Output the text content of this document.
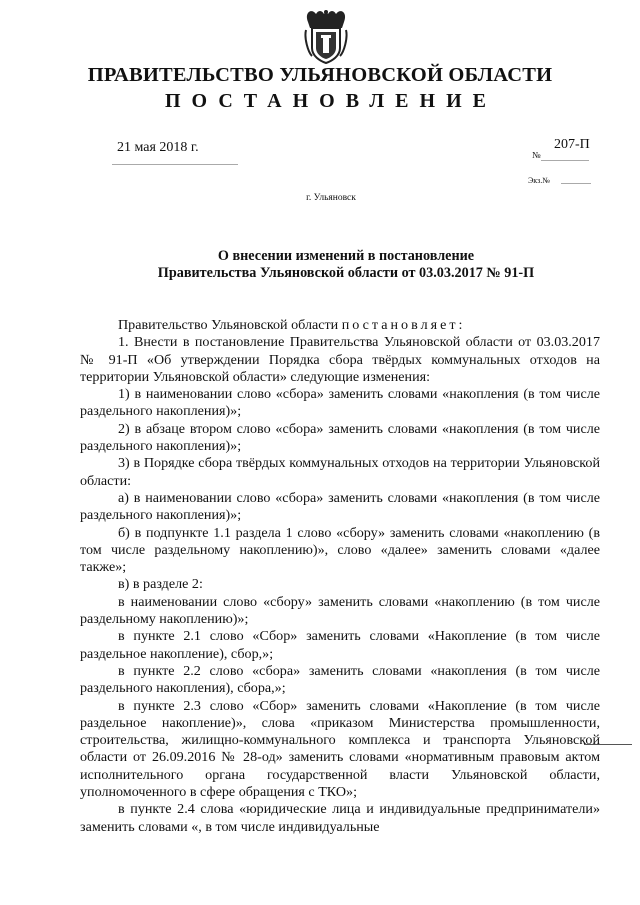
ПРАВИТЕЛЬСТВО УЛЬЯНОВСКОЙ ОБЛАСТИ
ПОСТАНОВЛЕНИЕ
21 мая 2018 г.	207-П
№
Экз.№
г. Ульяновск
О внесении изменений в постановление
Правительства Ульяновской области от 03.03.2017 № 91-П

Правительство Ульяновской области постановляет:

1. Внести в постановление Правительства Ульяновской области от 03.03.2017 № 91-П «Об утверждении Порядка сбора твёрдых коммунальных отходов на территории Ульяновской области» следующие изменения:

1) в наименовании слово «сбора» заменить словами «накопления (в том числе раздельного накопления)»;

2) в абзаце втором слово «сбора» заменить словами «накопления (в том числе раздельного накопления)»;

3) в Порядке сбора твёрдых коммунальных отходов на территории Ульяновской области:

а) в наименовании слово «сбора» заменить словами «накопления (в том числе раздельного накопления)»;

б) в подпункте 1.1 раздела 1 слово «сбору» заменить словами «накоплению (в том числе раздельному накоплению)», слово «далее» заменить словами «далее также»;

в) в разделе 2:

в наименовании слово «сбору» заменить словами «накоплению (в том числе раздельному накоплению)»;

в пункте 2.1 слово «Сбор» заменить словами «Накопление (в том числе раздельное накопление), сбор,»;

в пункте 2.2 слово «сбора» заменить словами «накопления (в том числе раздельного накопления), сбора,»;

в пункте 2.3 слово «Сбор» заменить словами «Накопление (в том числе раздельное накопление)», слова «приказом Министерства промышленности, строительства, жилищно-коммунального комплекса и транспорта Ульяновской области от 26.09.2016 № 28-од» заменить словами «нормативным правовым актом исполнительного органа государственной власти Ульяновской области, уполномоченного в сфере обращения с ТКО»;

в пункте 2.4 слова «юридические лица и индивидуальные предприниматели» заменить словами «, в том числе индивидуальные
